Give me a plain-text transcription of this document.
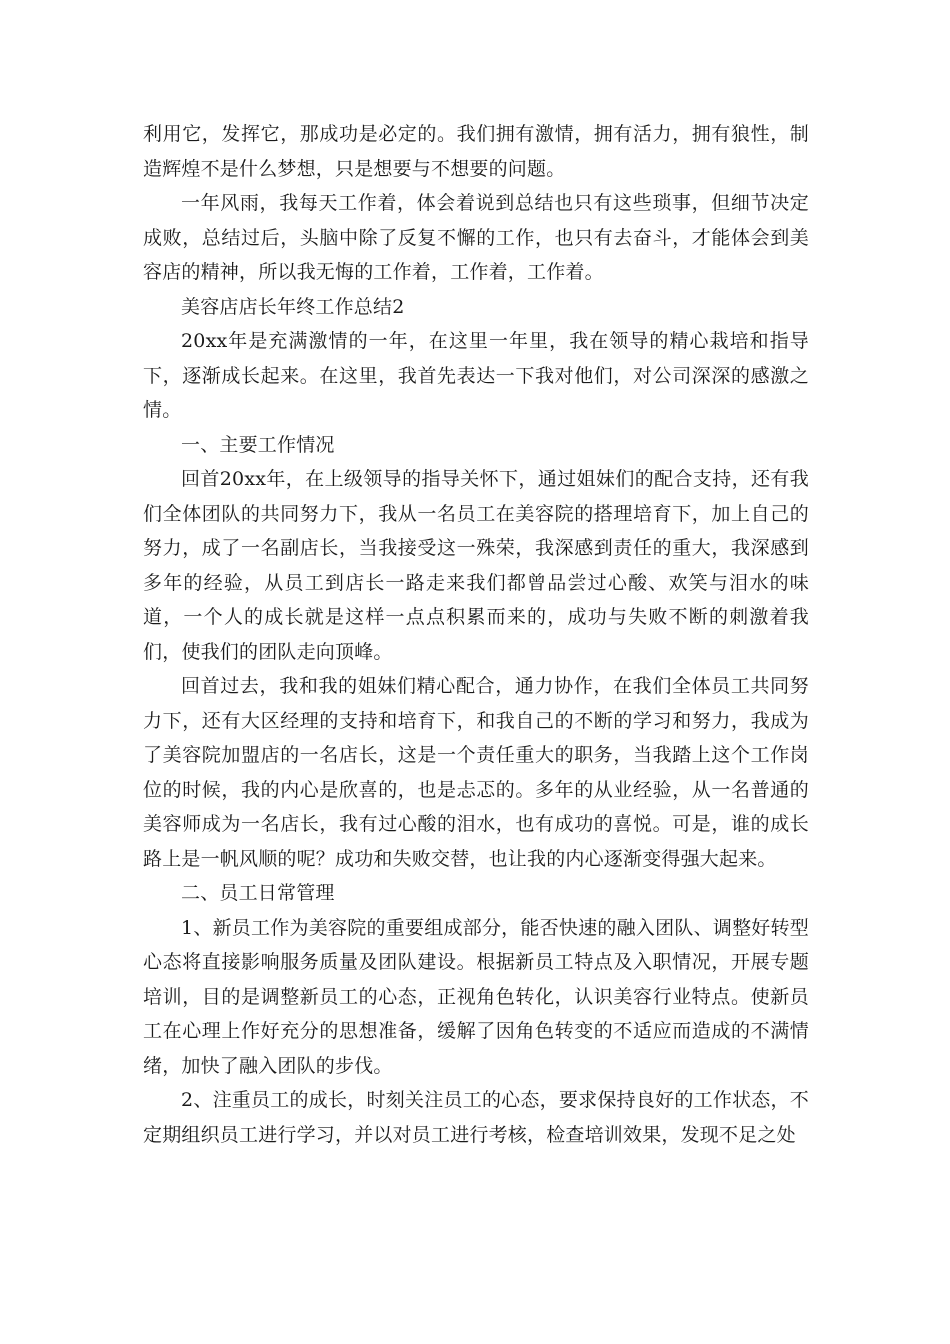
利用它，发挥它，那成功是必定的。我们拥有激情，拥有活力，拥有狼性，制造辉煌不是什么梦想，只是想要与不想要的问题。

一年风雨，我每天工作着，体会着说到总结也只有这些琐事，但细节决定成败，总结过后，头脑中除了反复不懈的工作，也只有去奋斗，才能体会到美容店的精神，所以我无悔的工作着，工作着，工作着。

美容店店长年终工作总结2

20xx年是充满激情的一年，在这里一年里，我在领导的精心栽培和指导下，逐渐成长起来。在这里，我首先表达一下我对他们，对公司深深的感激之情。

一、主要工作情况

回首20xx年，在上级领导的指导关怀下，通过姐妹们的配合支持，还有我们全体团队的共同努力下，我从一名员工在美容院的搭理培育下，加上自己的努力，成了一名副店长，当我接受这一殊荣，我深感到责任的重大，我深感到多年的经验，从员工到店长一路走来我们都曾品尝过心酸、欢笑与泪水的味道，一个人的成长就是这样一点点积累而来的，成功与失败不断的刺激着我们，使我们的团队走向顶峰。

回首过去，我和我的姐妹们精心配合，通力协作，在我们全体员工共同努力下，还有大区经理的支持和培育下，和我自己的不断的学习和努力，我成为了美容院加盟店的一名店长，这是一个责任重大的职务，当我踏上这个工作岗位的时候，我的内心是欣喜的，也是忐忑的。多年的从业经验，从一名普通的美容师成为一名店长，我有过心酸的泪水，也有成功的喜悦。可是，谁的成长路上是一帆风顺的呢？成功和失败交替，也让我的内心逐渐变得强大起来。

二、员工日常管理

1、新员工作为美容院的重要组成部分，能否快速的融入团队、调整好转型心态将直接影响服务质量及团队建设。根据新员工特点及入职情况，开展专题培训，目的是调整新员工的心态，正视角色转化，认识美容行业特点。使新员工在心理上作好充分的思想准备，缓解了因角色转变的不适应而造成的不满情绪，加快了融入团队的步伐。

2、注重员工的成长，时刻关注员工的心态，要求保持良好的工作状态，不定期组织员工进行学习，并以对员工进行考核，检查培训效果，发现不足之处
